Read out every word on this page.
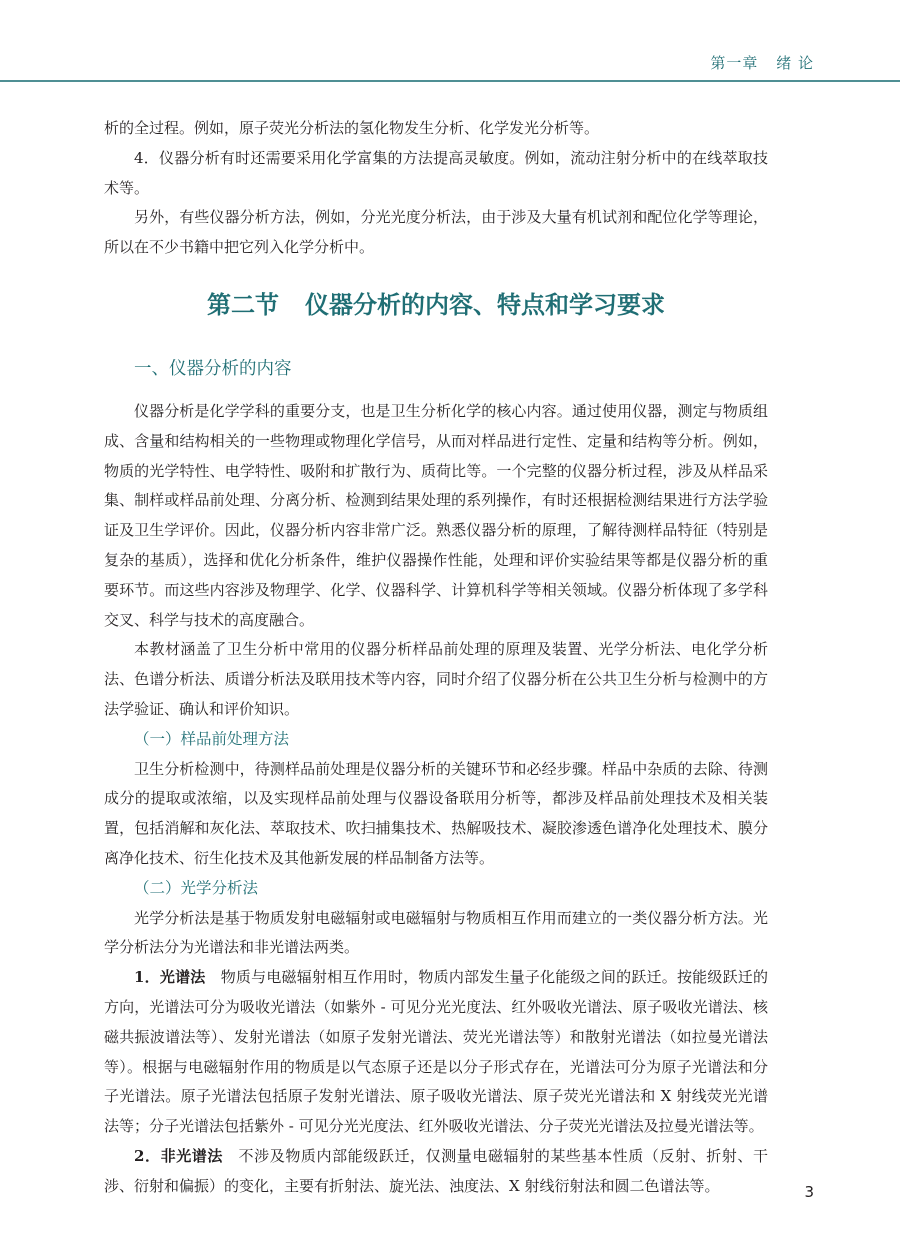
第一章 绪 论

析的全过程。例如，原子荧光分析法的氢化物发生分析、化学发光分析等。

4．仪器分析有时还需要采用化学富集的方法提高灵敏度。例如，流动注射分析中的在线萃取技术等。

另外，有些仪器分析方法，例如，分光光度分析法，由于涉及大量有机试剂和配位化学等理论，所以在不少书籍中把它列入化学分析中。

第二节 仪器分析的内容、特点和学习要求
一、仪器分析的内容

仪器分析是化学学科的重要分支，也是卫生分析化学的核心内容。通过使用仪器，测定与物质组成、含量和结构相关的一些物理或物理化学信号，从而对样品进行定性、定量和结构等分析。例如，物质的光学特性、电学特性、吸附和扩散行为、质荷比等。一个完整的仪器分析过程，涉及从样品采集、制样或样品前处理、分离分析、检测到结果处理的系列操作，有时还根据检测结果进行方法学验证及卫生学评价。因此，仪器分析内容非常广泛。熟悉仪器分析的原理，了解待测样品特征（特别是复杂的基质），选择和优化分析条件，维护仪器操作性能，处理和评价实验结果等都是仪器分析的重要环节。而这些内容涉及物理学、化学、仪器科学、计算机科学等相关领域。仪器分析体现了多学科交叉、科学与技术的高度融合。

本教材涵盖了卫生分析中常用的仪器分析样品前处理的原理及装置、光学分析法、电化学分析法、色谱分析法、质谱分析法及联用技术等内容，同时介绍了仪器分析在公共卫生分析与检测中的方法学验证、确认和评价知识。

（一）样品前处理方法

卫生分析检测中，待测样品前处理是仪器分析的关键环节和必经步骤。样品中杂质的去除、待测成分的提取或浓缩，以及实现样品前处理与仪器设备联用分析等，都涉及样品前处理技术及相关装置，包括消解和灰化法、萃取技术、吹扫捕集技术、热解吸技术、凝胶渗透色谱净化处理技术、膜分离净化技术、衍生化技术及其他新发展的样品制备方法等。

（二）光学分析法

光学分析法是基于物质发射电磁辐射或电磁辐射与物质相互作用而建立的一类仪器分析方法。光学分析法分为光谱法和非光谱法两类。

1．光谱法  物质与电磁辐射相互作用时，物质内部发生量子化能级之间的跃迁。按能级跃迁的方向，光谱法可分为吸收光谱法（如紫外 - 可见分光光度法、红外吸收光谱法、原子吸收光谱法、核磁共振波谱法等）、发射光谱法（如原子发射光谱法、荧光光谱法等）和散射光谱法（如拉曼光谱法等）。根据与电磁辐射作用的物质是以气态原子还是以分子形式存在，光谱法可分为原子光谱法和分子光谱法。原子光谱法包括原子发射光谱法、原子吸收光谱法、原子荧光光谱法和 X 射线荧光光谱法等；分子光谱法包括紫外 - 可见分光光度法、红外吸收光谱法、分子荧光光谱法及拉曼光谱法等。

2．非光谱法  不涉及物质内部能级跃迁，仅测量电磁辐射的某些基本性质（反射、折射、干涉、衍射和偏振）的变化，主要有折射法、旋光法、浊度法、X 射线衍射法和圆二色谱法等。	3
